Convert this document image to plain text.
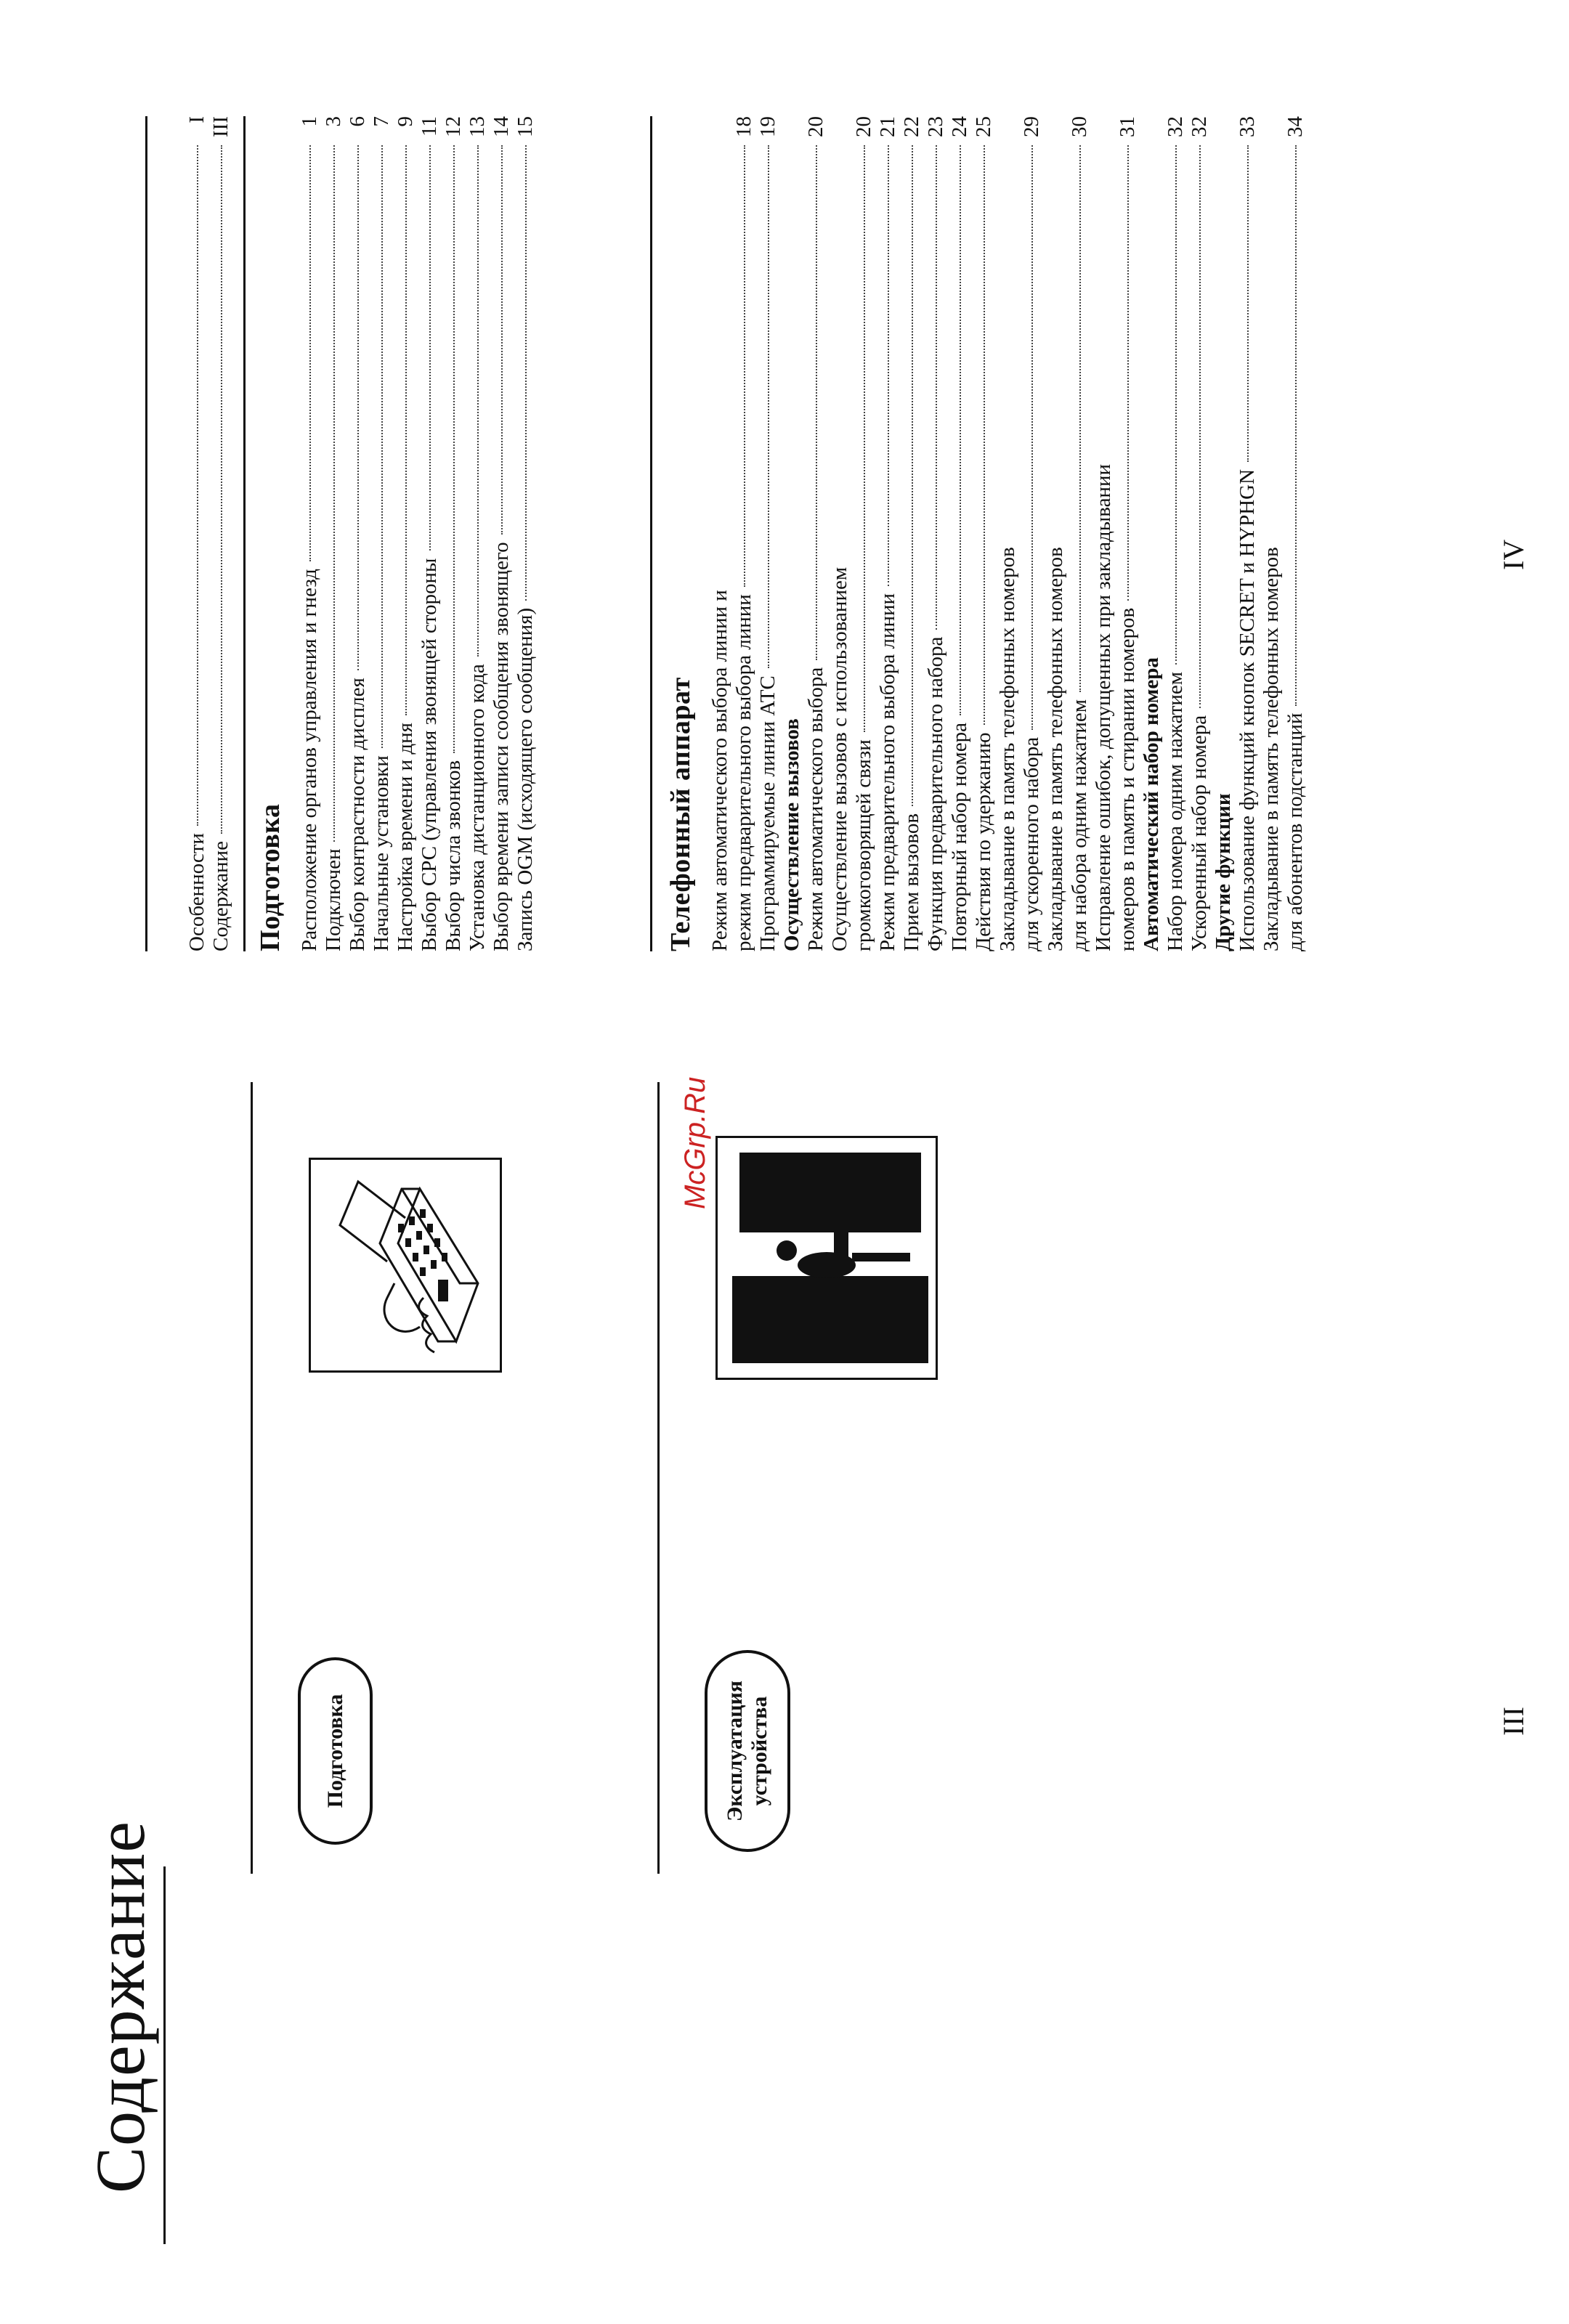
Содержание
Подготовка	Эксплуатация
устройства
McGrp.Ru
Особенности
I
Содержание
III
Подготовка Расположение органов управления и гнезд
1
Подключен
3
Выбор контрастности дисплея
6
Начальные установки
7
Настройка времени и дня
9
Выбор СРС (управления звонящей стороны
11
Выбор числа звонков
12
Установка дистанционного кода
13
Выбор времени записи сообщения звонящего
14
Запись OGM (исходящего сообщения)
15
Телефонный аппарат Режим автоматического выбора линии и режим предварительного выбора линии
18
Программируемые линии АТС
19
Осуществление вызовов Режим автоматического выбора
20
Осуществление вызовов с использованием громкоговорящей связи
20
Режим предварительного выбора линии
21
Прием вызовов
22
Функция предварительного набора
23
Повторный набор номера
24
Действия по удержанию
25
Закладывание в память телефонных номеров для ускоренного набора
29
Закладывание в память телефонных номеров для набора одним нажатием
30
Исправление ошибок, допущенных при закладывании номеров в память и стирании номеров
31
Автоматический набор номера Набор номера одним нажатием
32
Ускоренный набор номера
32
Другие функции Использование функций кнопок SECRET и HYPHGN
33
Закладывание в память телефонных номеров для абонентов подстанций
34
III
IV
